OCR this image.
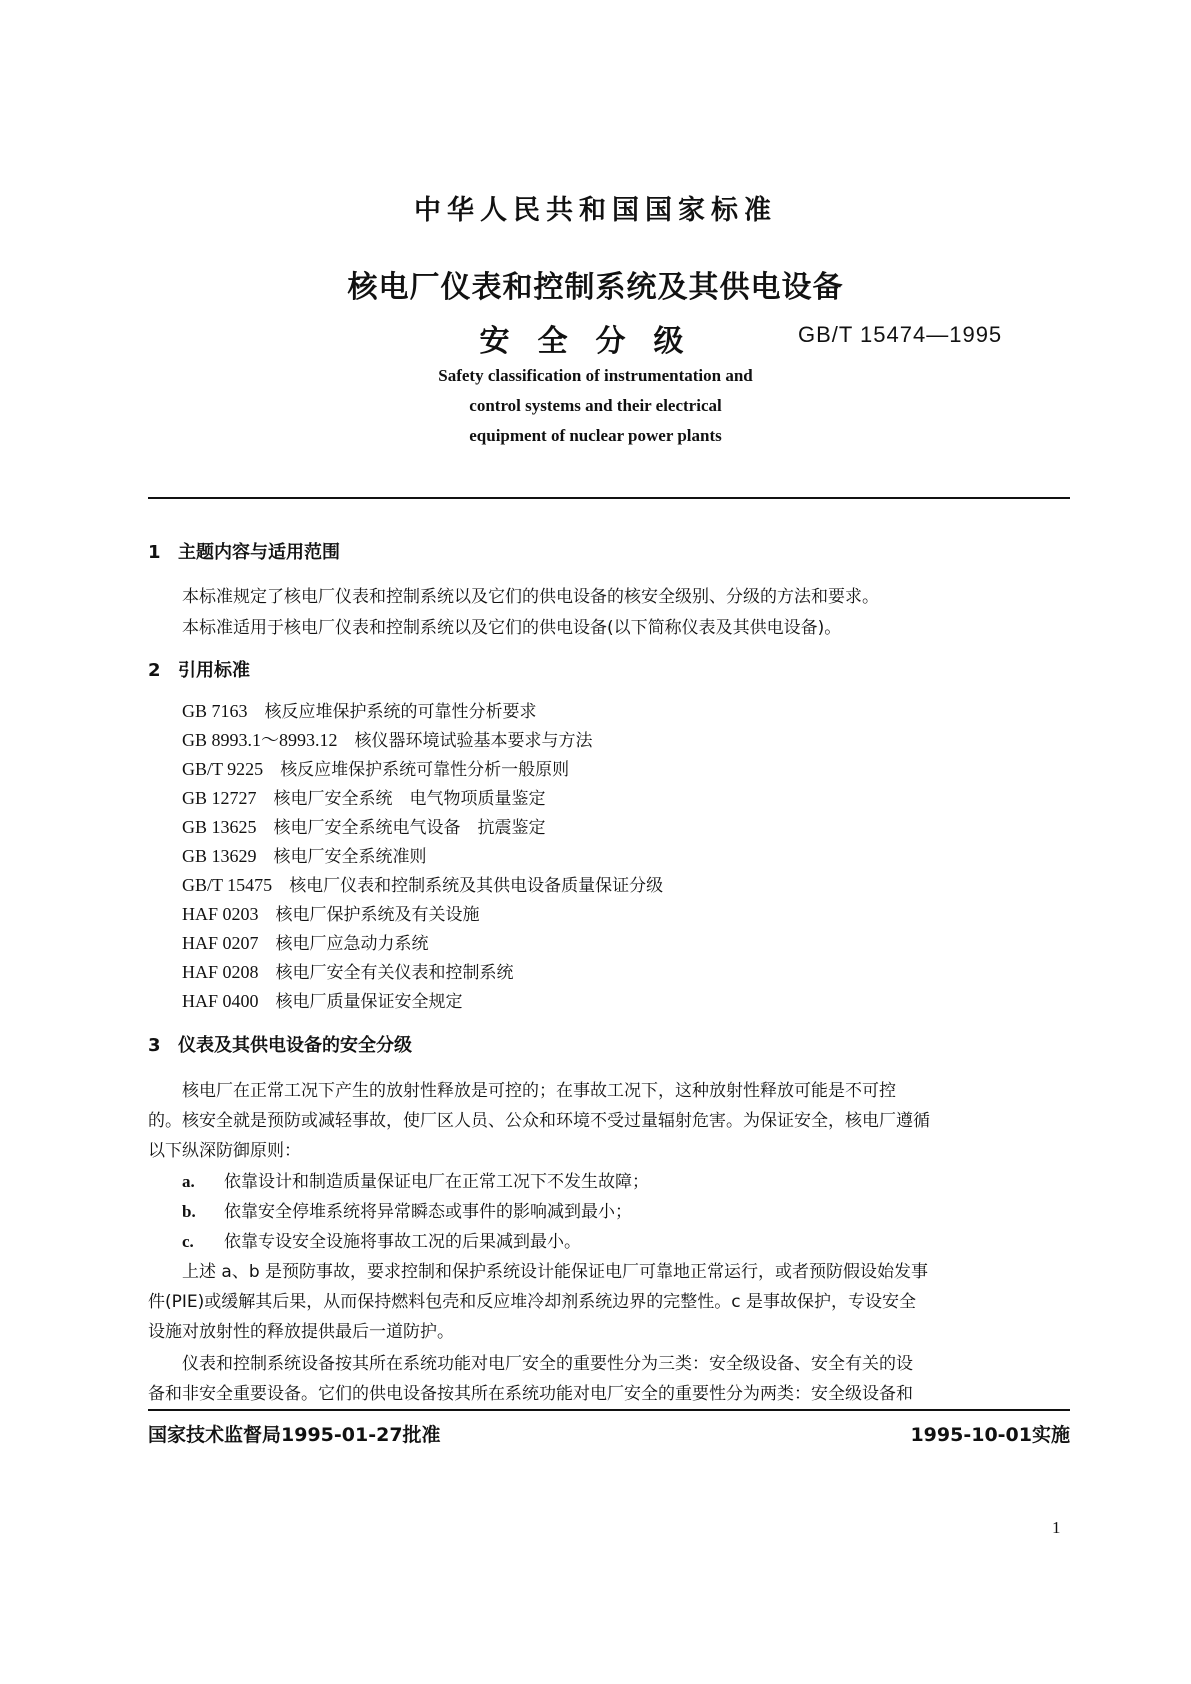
中华人民共和国国家标准
核电厂仪表和控制系统及其供电设备
安全分级	GB/T 15474—1995
Safety classification of instrumentation and
control systems and their electrical
equipment of nuclear power plants
1 主题内容与适用范围
本标准规定了核电厂仪表和控制系统以及它们的供电设备的核安全级别、分级的方法和要求。
本标准适用于核电厂仪表和控制系统以及它们的供电设备(以下简称仪表及其供电设备)。
2 引用标准
GB 7163　 核反应堆保护系统的可靠性分析要求
GB 8993.1～8993.12　 核仪器环境试验基本要求与方法
GB/T 9225　 核反应堆保护系统可靠性分析一般原则
GB 12727　 核电厂安全系统　电气物项质量鉴定
GB 13625　 核电厂安全系统电气设备　抗震鉴定
GB 13629　 核电厂安全系统准则
GB/T 15475　 核电厂仪表和控制系统及其供电设备质量保证分级
HAF 0203　 核电厂保护系统及有关设施
HAF 0207　 核电厂应急动力系统
HAF 0208　 核电厂安全有关仪表和控制系统
HAF 0400　 核电厂质量保证安全规定
3 仪表及其供电设备的安全分级
核电厂在正常工况下产生的放射性释放是可控的；在事故工况下，这种放射性释放可能是不可控
的。核安全就是预防或减轻事故，使厂区人员、公众和环境不受过量辐射危害。为保证安全，核电厂遵循
以下纵深防御原则：
a. 依靠设计和制造质量保证电厂在正常工况下不发生故障；
b. 依靠安全停堆系统将异常瞬态或事件的影响减到最小；
c. 依靠专设安全设施将事故工况的后果减到最小。
上述 a、b 是预防事故，要求控制和保护系统设计能保证电厂可靠地正常运行，或者预防假设始发事
件(PIE)或缓解其后果，从而保持燃料包壳和反应堆冷却剂系统边界的完整性。c 是事故保护，专设安全
设施对放射性的释放提供最后一道防护。
仪表和控制系统设备按其所在系统功能对电厂安全的重要性分为三类：安全级设备、安全有关的设
备和非安全重要设备。它们的供电设备按其所在系统功能对电厂安全的重要性分为两类：安全级设备和
国家技术监督局1995-01-27批准	1995-10-01实施
1
